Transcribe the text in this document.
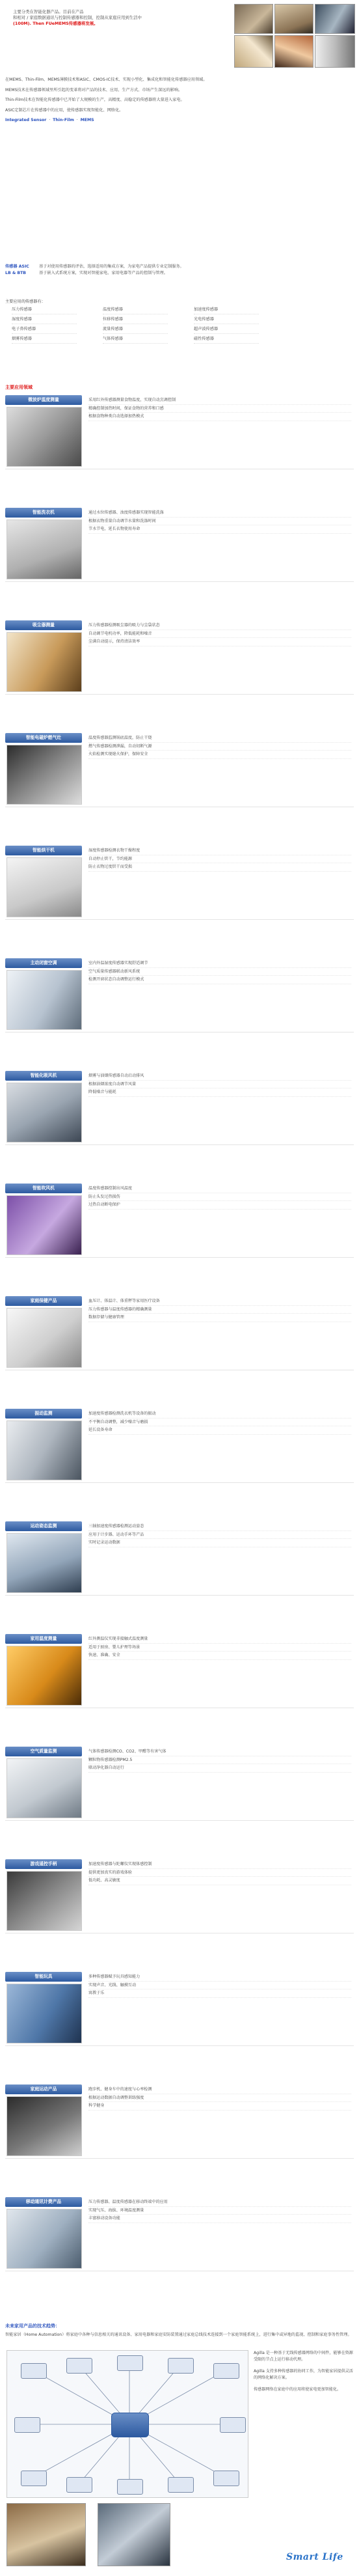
主要分类在智能化器产品。目前在产品
和相对 / 家庭数据通讯与控制传感器和控制，控制从家庭应用到生活中
(100M). Then FUeMEMS传感器将发展。

在MEMS、Thin-Film、MEMS薄膜技术和ASIC、CMOS-IC技术、实现小型化、集成化和智能化传感器应用领域。

MEMS技术在传感器领域里所引起的变革将对产品的技术、应用、生产方式、市场产生深远的影响。

Thin-Film技术在智能化传感器中已开始了大规模的生产，高精度、高稳定的传感器将大量进入家电。

ASIC定制芯片在传感器中的应用，使传感器实现智能化、网络化。

Integrated Sensor  ·  Thin-Film  ·  MEMS

传感器 ASIC	基于对使用传感器的评估，选择适用的集成方案，为家电产品提供专业定制服务。
LB & BTB	基于嵌入式系统方案，实现对智能家电、家用电器等产品的控制与管理。
主要应用的传感器有：
压力传感器	温度传感器	加速度传感器
湿度传感器	位移传感器	光电传感器
电子鼻传感器	流量传感器	超声波传感器
烟雾传感器	气体传感器	磁性传感器
主要应用领域
微波炉温度测量	采用红外传感器测量食物温度，实现自动烹调控制
精确控制加热时间，保证食物的营养和口感
根据食物种类自动选择加热模式
智能洗衣机	通过水位传感器、浊度传感器实现智能洗涤
根据衣物重量自动调节水量和洗涤时间
节水节电，延长衣物使用寿命
吸尘器测量	压力传感器检测吸尘器的吸力与尘袋状态
自动调节电机功率，降低能耗和噪音
尘满自动提示，保持清洁效率
智能电磁炉燃气灶	温度传感器监测锅底温度，防止干烧
燃气传感器检测泄漏，自动切断气源
火焰检测实现熄火保护，保障安全
智能烘干机	湿度传感器检测衣物干燥程度
自动停止烘干，节约能源
防止衣物过度烘干而受损
主动闭窗空调	室内外温湿度传感器实现舒适调节
空气质量传感器联动新风系统
检测开窗状态自动调整运行模式
智能化吸风机	烟雾与油烟传感器自动启动排风
根据油烟浓度自动调节风量
降低噪音与能耗
智能吹风机	温度传感器控制出风温度
防止头发过热损伤
过热自动断电保护
家庭保健产品	血压计、体温计、体重秤等家用医疗设备
压力传感器与温度传感器的精确测量
数据存储与健康管理
振动监测	加速度传感器检测洗衣机等设备的振动
不平衡自动调整，减少噪音与磨损
延长设备寿命
运动姿态监测	三轴加速度传感器检测运动姿态
应用于计步器、运动手环等产品
实时记录运动数据
家用温度测量	红外测温仪实现非接触式温度测量
适用于厨房、婴儿护理等场景
快速、准确、安全
空气质量监测	气体传感器检测CO、CO2、甲醛等有害气体
颗粒物传感器检测PM2.5
联动净化器自动运行
游戏遥控手柄	加速度传感器与陀螺仪实现体感控制
提供更加真实的游戏体验
低功耗、高灵敏度
智能玩具	多种传感器赋予玩具感知能力
实现声音、光线、触摸互动
寓教于乐
家庭运动产品	跑步机、健身车中的速度与心率检测
根据运动数据自动调整训练强度
科学健身
移动通讯计费产品	压力传感器、温度传感器在移动终端中的应用
实现气压、海拔、环境温度测量
丰富移动设备功能
未来家用产品的技术趋势：
智能家居（Home Automation）将家庭中各种与信息相关的通讯设备、家用电器和家庭安防装置通过家庭总线技术连接到一个家庭智能系统上，进行集中或异地的监视、控制和家庭事务性管理。

Agilla 是一种基于无线传感器网络的中间件，能够在资源受限的节点上运行移动代理。

Agilla 支持多种传感器的协同工作，为智能家居提供灵活的网络化解决方案。

传感器网络在家庭中的应用将使家电更加智能化。

Smart Life
